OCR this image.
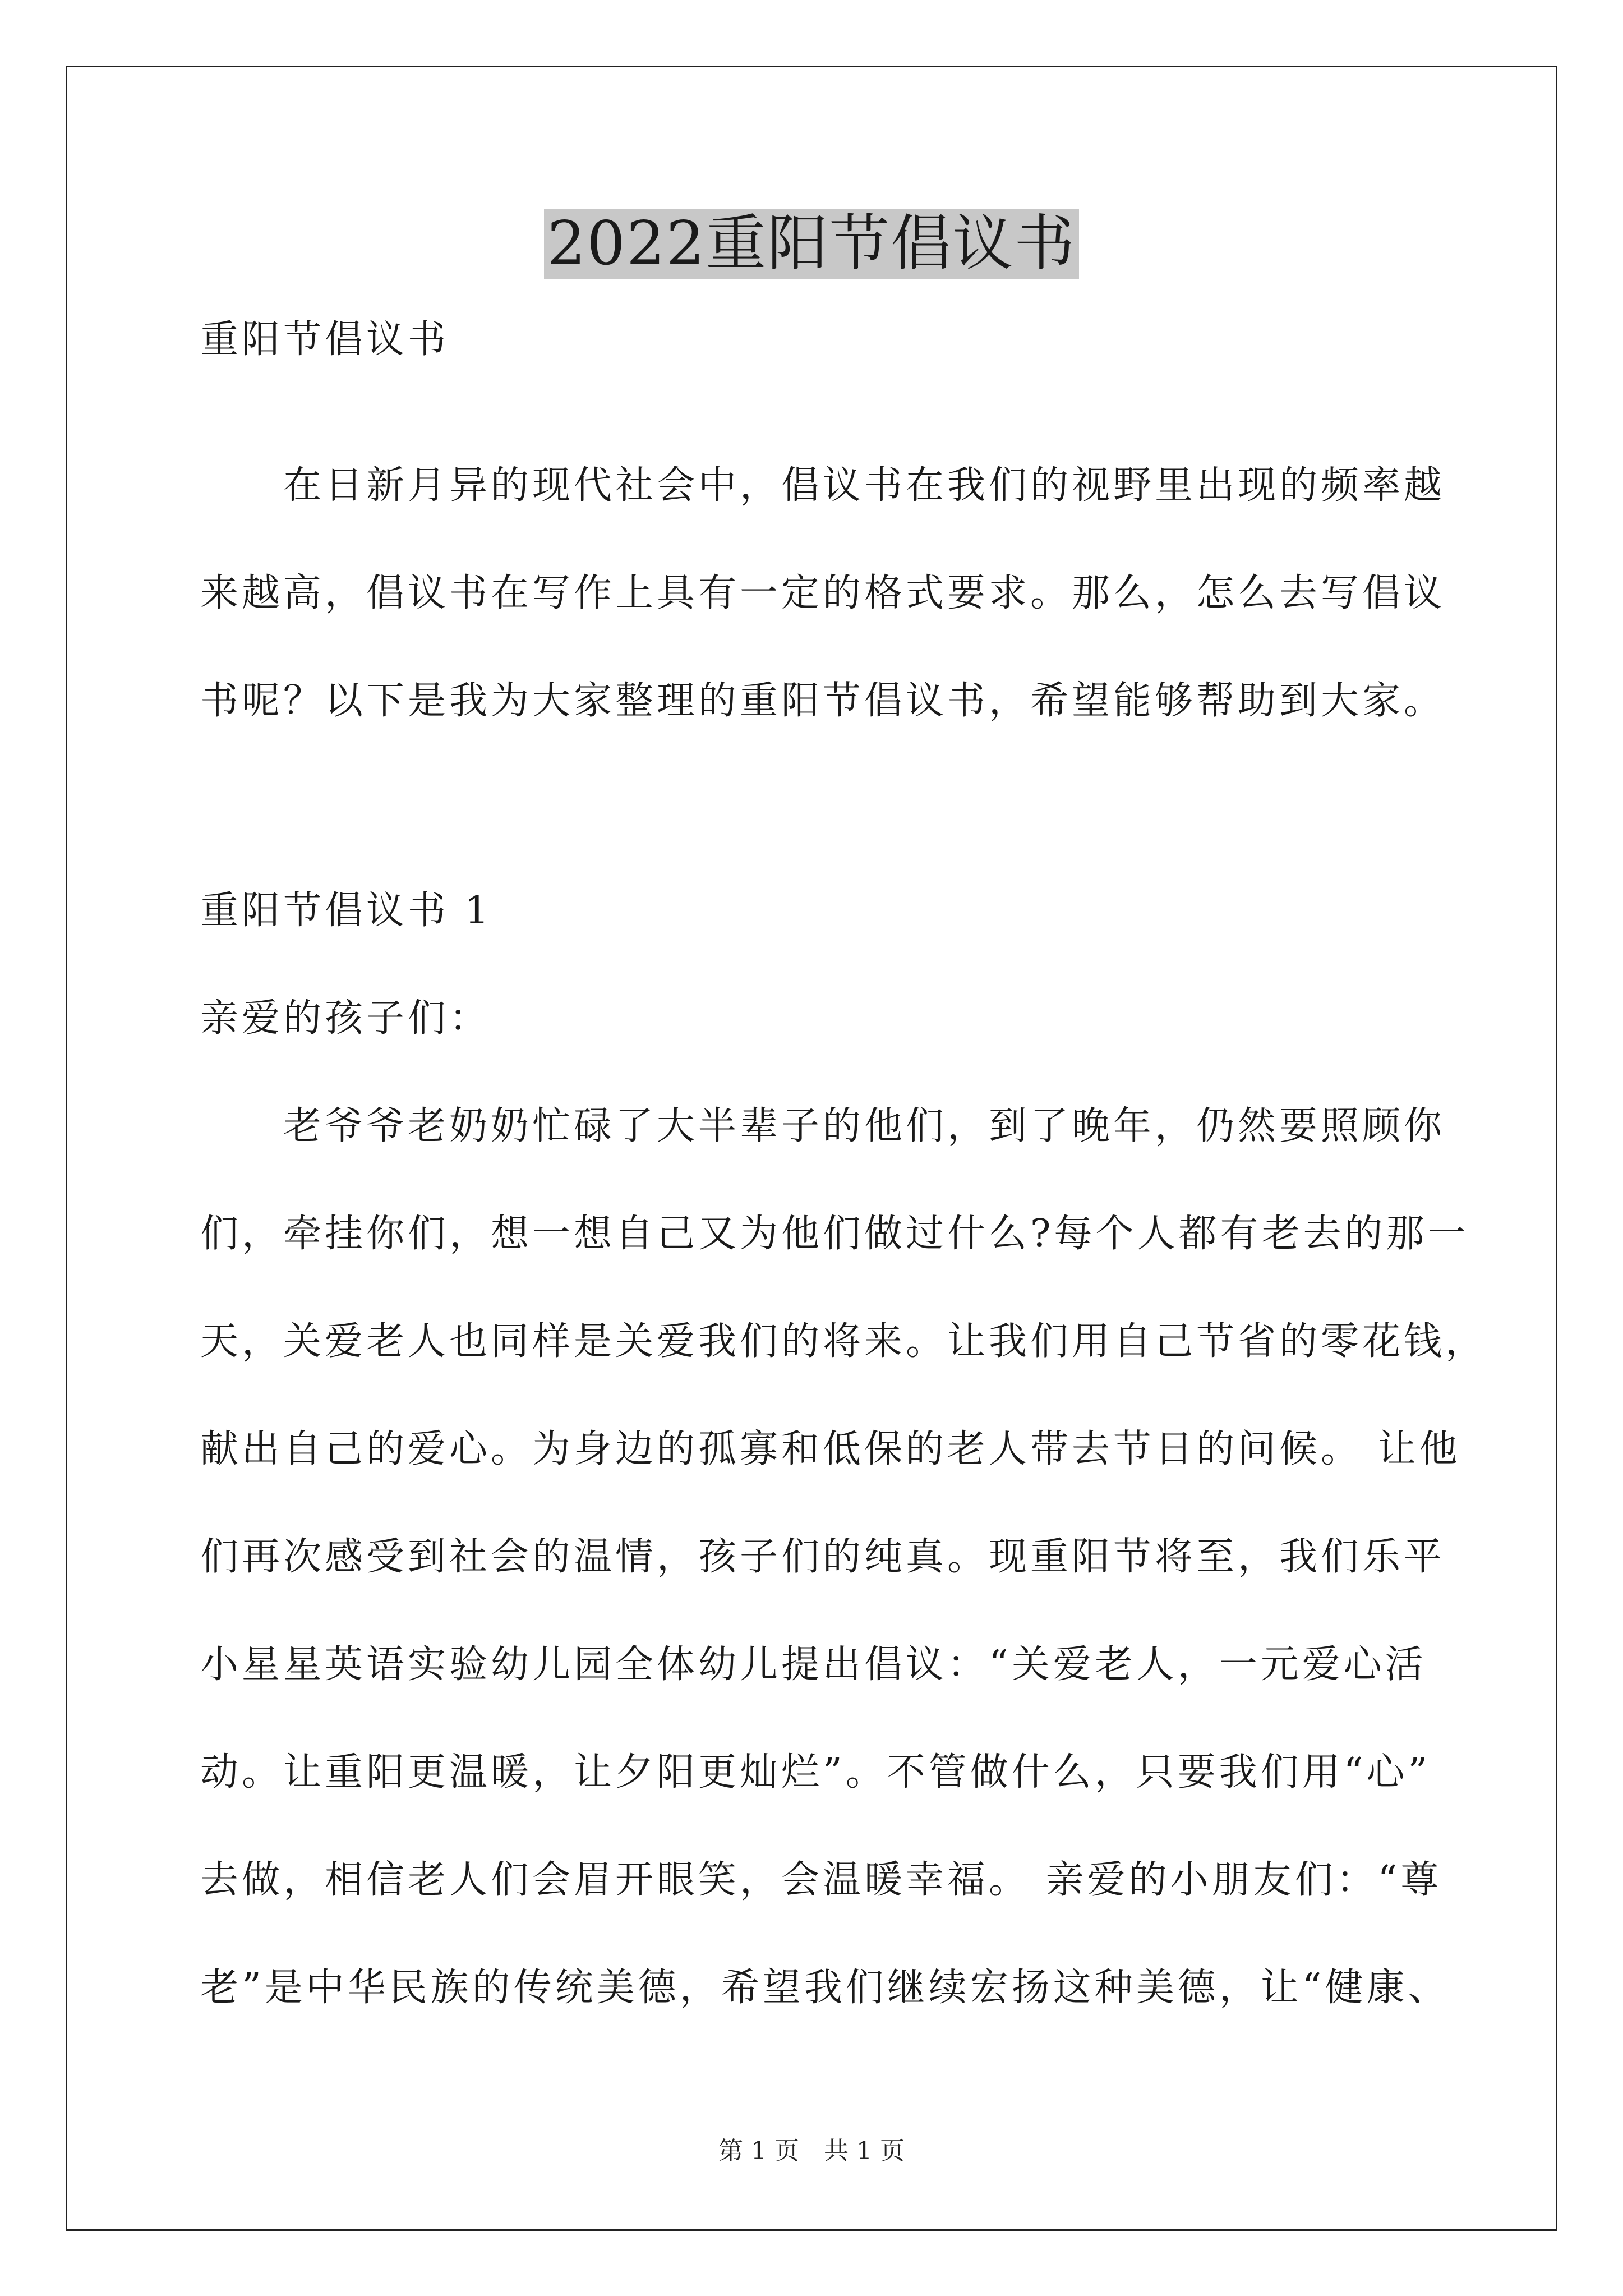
2022重阳节倡议书
重阳节倡议书
　　在日新月异的现代社会中，倡议书在我们的视野里出现的频率越
来越高，倡议书在写作上具有一定的格式要求。那么，怎么去写倡议
书呢？以下是我为大家整理的重阳节倡议书，希望能够帮助到大家。
重阳节倡议书 1
亲爱的孩子们：
　　老爷爷老奶奶忙碌了大半辈子的他们，到了晚年，仍然要照顾你
们，牵挂你们，想一想自己又为他们做过什么?每个人都有老去的那一
天，关爱老人也同样是关爱我们的将来。让我们用自己节省的零花钱，
献出自己的爱心。为身边的孤寡和低保的老人带去节日的问候。 让他
们再次感受到社会的温情，孩子们的纯真。现重阳节将至，我们乐平
小星星英语实验幼儿园全体幼儿提出倡议：“关爱老人，一元爱心活
动。让重阳更温暖，让夕阳更灿烂”。不管做什么，只要我们用“心”
去做，相信老人们会眉开眼笑，会温暖幸福。 亲爱的小朋友们：“尊
老”是中华民族的传统美德，希望我们继续宏扬这种美德，让“健康、
第 1 页　共 1 页
